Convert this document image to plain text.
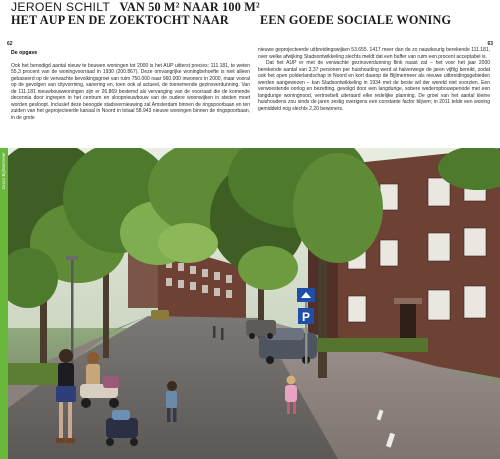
JEROEN SCHILT VAN 50 M² NAAR 100 M²
HET AUP EN DE ZOEKTOCHT NAAR	EEN GOEDE SOCIALE WONING
62	63
De opgave

Ook het benodigd aantal nieuw te bouwen woningen tot 2000 is het AUP uitterst precies: 111.181, te weten 55,3 procent van de woningvoorraad in 1930 (200.867). Deze omvangrijke woningbehoefte is niet alleen gebaseerd op de verwachte bevolkingsgroei van ruim 750.000 naar 960.000 inwoners in 2000, maar vooral op de gevolgen van cityvorming, sanering en, toen ook al actueel, de toenemende gezinsverdunning. Van de 111.181 nieuwbouwwoningen zijn er 26.869 bestemd als vervanging van de voorraad die de komende decennia door ingrepen in het centrum en sloopnieuwbouw van de oudere woonwijken in steden moet worden gesloopt. Inclusief deze beoogde stadsvernieuwing zal Amsterdam binnen de ringspoorbaan en ten zuiden van het geprojecteerde kanaal in Noord in totaal 58.943 nieuwe woningen binnen de ringspoorbaan, in de grote

nieuwe geprojecteerde uitbreidingswijken 53.655. 1417 meer dan de zo nauwkeurig berekende 111.181, over welke afwijking Stadsontwikkeling slechts meldt dat een buffer van ruim een procent acceptabel is.

Dat het AUP er met de verwachte gezinsverdunning flink naast zat – het voor het jaar 2000 berekende aantal van 3,37 personen per huishouding werd al halverwege de jaren vijftig bereikt, zodat ook het open polderlandschap in Noord en kort daarop de Bijlmermeer als nieuwe uitbreidingsgebieden werden aangewezen – kan Stadsontwikkeling in 1934 met de beste wil der wereld niet voorzien. Een verwoestende oorlog en bezetting, gevolgd door een langdurige, sobere wederopbouwperiode met een langdurige woningnood, vertroebelt uiteraard elke redelijke planning. De groei van het aantal kleine huishoudens zou sinds de jaren zestig overigens een constante factor blijven; in 2011 telde een woning gemiddeld nog slechts 2,20 bewoners.

P
Groot Bijlmermeer
